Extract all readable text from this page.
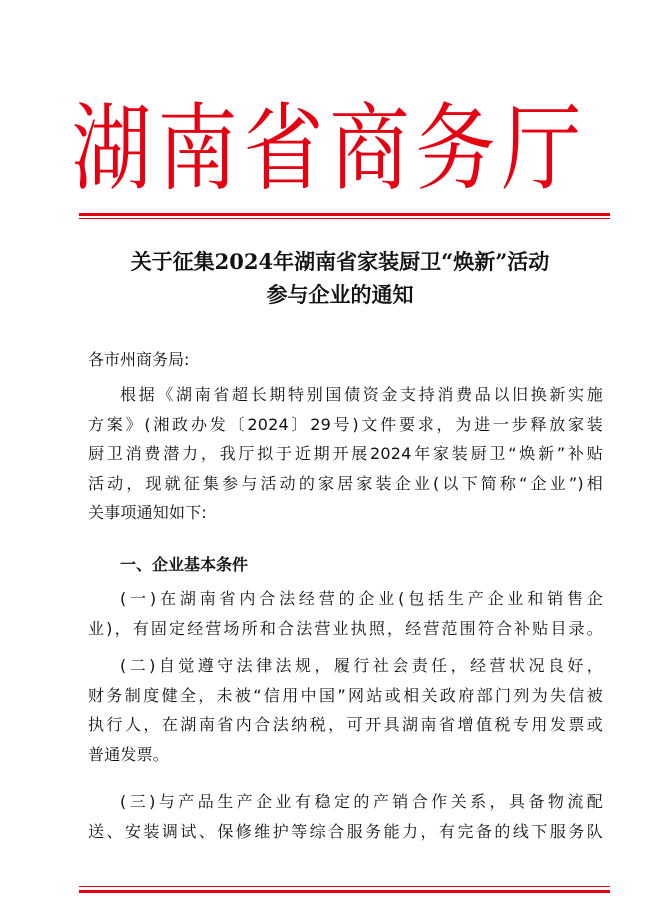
湖南省商务厅
关于征集2024年湖南省家装厨卫“焕新”活动
参与企业的通知
各市州商务局:
根据《湖南省超长期特别国债资金支持消费品以旧换新实施
方案》(湘政办发〔2024〕29号)文件要求，为进一步释放家装
厨卫消费潜力，我厅拟于近期开展2024年家装厨卫“焕新”补贴
活动，现就征集参与活动的家居家装企业(以下简称“企业”)相
关事项通知如下:
一、企业基本条件
(一)在湖南省内合法经营的企业(包括生产企业和销售企
业)，有固定经营场所和合法营业执照，经营范围符合补贴目录。
(二)自觉遵守法律法规，履行社会责任，经营状况良好，
财务制度健全，未被“信用中国”网站或相关政府部门列为失信被
执行人，在湖南省内合法纳税，可开具湖南省增值税专用发票或
普通发票。
(三)与产品生产企业有稳定的产销合作关系，具备物流配
送、安装调试、保修维护等综合服务能力，有完备的线下服务队
